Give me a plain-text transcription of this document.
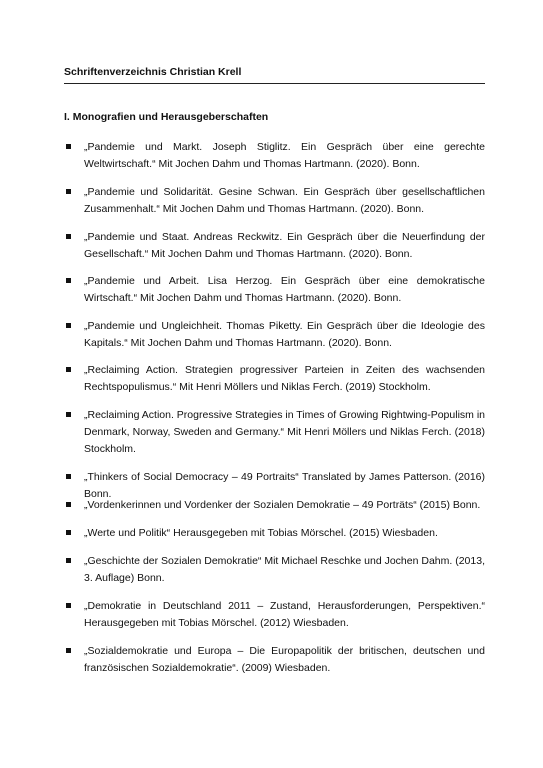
Schriftenverzeichnis Christian Krell
I. Monografien und Herausgeberschaften

„Pandemie und Markt. Joseph Stiglitz. Ein Gespräch über eine gerechte Weltwirtschaft.“ Mit Jochen Dahm und Thomas Hartmann. (2020). Bonn.

„Pandemie und Solidarität. Gesine Schwan. Ein Gespräch über gesellschaftlichen Zusammenhalt.“ Mit Jochen Dahm und Thomas Hartmann. (2020). Bonn.

„Pandemie und Staat. Andreas Reckwitz. Ein Gespräch über die Neuerfindung der Gesellschaft.“ Mit Jochen Dahm und Thomas Hartmann. (2020). Bonn.

„Pandemie und Arbeit. Lisa Herzog. Ein Gespräch über eine demokratische Wirtschaft.“ Mit Jochen Dahm und Thomas Hartmann. (2020). Bonn.

„Pandemie und Ungleichheit. Thomas Piketty. Ein Gespräch über die Ideologie des Kapitals.“ Mit Jochen Dahm und Thomas Hartmann. (2020). Bonn.

„Reclaiming Action. Strategien progressiver Parteien in Zeiten des wachsenden Rechtspopulismus.“ Mit Henri Möllers und Niklas Ferch. (2019) Stockholm.

„Reclaiming Action. Progressive Strategies in Times of Growing Rightwing-Populism in Denmark, Norway, Sweden and Germany.“ Mit Henri Möllers und Niklas Ferch. (2018) Stockholm.

„Thinkers of Social Democracy – 49 Portraits“ Translated by James Patterson. (2016) Bonn.

„Vordenkerinnen und Vordenker der Sozialen Demokratie – 49 Porträts“ (2015) Bonn.

„Werte und Politik“ Herausgegeben mit Tobias Mörschel. (2015) Wiesbaden.

„Geschichte der Sozialen Demokratie“ Mit Michael Reschke und Jochen Dahm. (2013, 3. Auflage) Bonn.

„Demokratie in Deutschland 2011 – Zustand, Herausforderungen, Perspektiven.“ Herausgegeben mit Tobias Mörschel. (2012) Wiesbaden.

„Sozialdemokratie und Europa – Die Europapolitik der britischen, deutschen und französischen Sozialdemokratie“. (2009) Wiesbaden.
